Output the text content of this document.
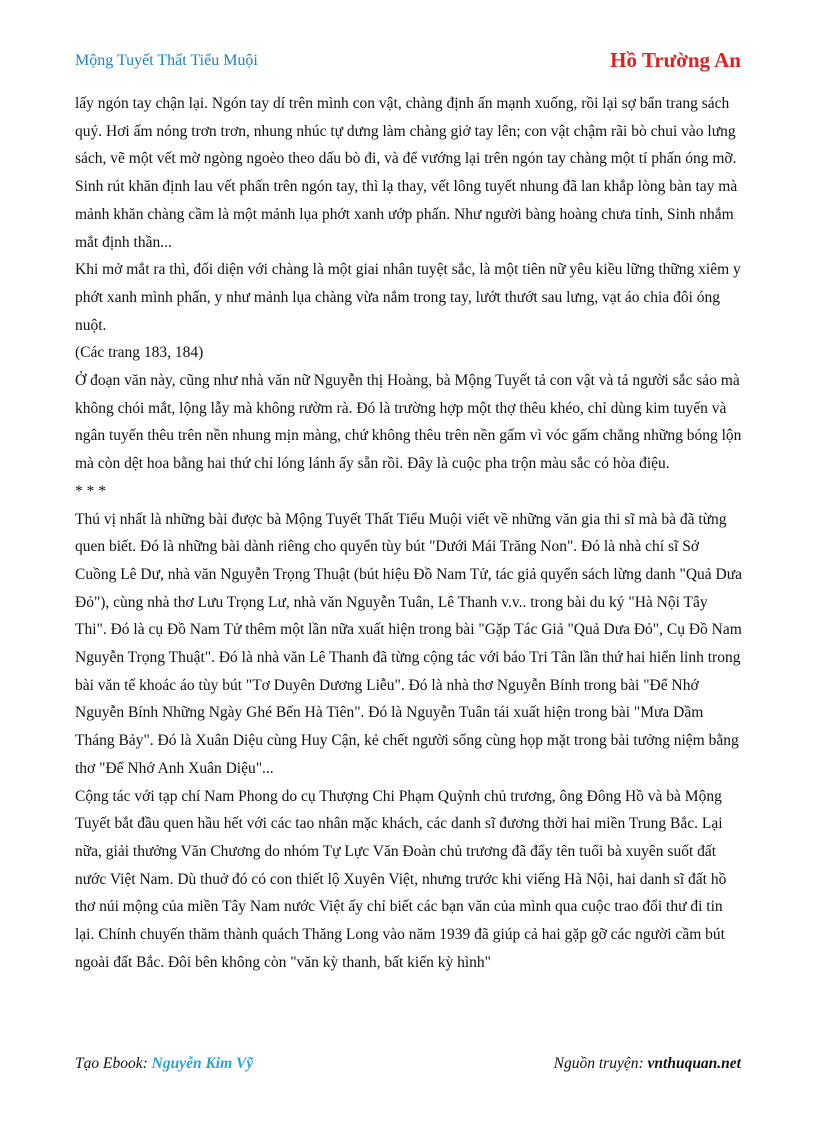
Mộng Tuyết Thất Tiểu Muội	Hồ Trường An

lấy ngón tay chận lại. Ngón tay dí trên mình con vật, chàng định ấn mạnh xuống, rồi lại sợ bẩn trang sách quý. Hơi ấm nóng trơn trơn, nhung nhúc tự dưng làm chàng giở tay lên; con vật chậm rãi bò chui vào lưng sách, vẽ một vết mờ ngòng ngoèo theo dấu bò đi, và để vướng lại trên ngón tay chàng một tí phấn óng mỡ.

Sinh rút khăn định lau vết phấn trên ngón tay, thì lạ thay, vết lông tuyết nhung đã lan khắp lòng bàn tay mà mảnh khăn chàng cầm là một mảnh lụa phớt xanh ướp phấn. Như người bàng hoàng chưa tỉnh, Sinh nhắm mắt định thần...

Khi mở mắt ra thì, đối diện với chàng là một giai nhân tuyệt sắc, là một tiên nữ yêu kiều lững thững xiêm y phớt xanh mình phấn, y như mảnh lụa chàng vừa nắm trong tay, lướt thướt sau lưng, vạt áo chia đôi óng nuột.

(Các trang 183, 184)

Ở đoạn văn này, cũng như nhà văn nữ Nguyễn thị Hoàng, bà Mộng Tuyết tả con vật và tả người sắc sảo mà không chói mắt, lộng lẫy mà không rườm rà. Đó là trường hợp một thợ thêu khéo, chỉ dùng kim tuyến và ngân tuyến thêu trên nền nhung mịn màng, chứ không thêu trên nền gấm vì vóc gấm chẳng những bóng lộn mà còn dệt hoa bằng hai thứ chỉ lóng lánh ấy sẵn rồi. Đây là cuộc pha trộn màu sắc có hòa điệu.

* * *

Thú vị nhất là những bài được bà Mộng Tuyết Thất Tiểu Muội viết về những văn gia thi sĩ mà bà đã từng quen biết. Đó là những bài dành riêng cho quyển tùy bút "Dưới Mái Trăng Non". Đó là nhà chí sĩ Sở Cuồng Lê Dư, nhà văn Nguyễn Trọng Thuật (bút hiệu Đồ Nam Tử, tác giả quyển sách lừng danh "Quả Dưa Đỏ"), cùng nhà thơ Lưu Trọng Lư, nhà văn Nguyễn Tuân, Lê Thanh v.v.. trong bài du ký "Hà Nội Tây Thi". Đó là cụ Đồ Nam Tử thêm một lần nữa xuất hiện trong bài "Gặp Tác Giả "Quả Dưa Đỏ", Cụ Đồ Nam Nguyễn Trọng Thuật". Đó là nhà văn Lê Thanh đã từng cộng tác với báo Tri Tân lần thứ hai hiển linh trong bài văn tế khoác áo tùy bút "Tơ Duyên Dương Liễu". Đó là nhà thơ Nguyễn Bính trong bài "Để Nhớ Nguyễn Bính Những Ngày Ghé Bến Hà Tiên". Đó là Nguyễn Tuân tái xuất hiện trong bài "Mưa Dầm Tháng Bảy". Đó là Xuân Diệu cùng Huy Cận, kẻ chết người sống cùng họp mặt trong bài tưởng niệm bằng thơ "Để Nhớ Anh Xuân Diệu"...

Cộng tác với tạp chí Nam Phong do cụ Thượng Chi Phạm Quỳnh chủ trương, ông Đông Hồ và bà Mộng Tuyết bắt đầu quen hầu hết với các tao nhân mặc khách, các danh sĩ đương thời hai miền Trung Bắc. Lại nữa, giải thưởng Văn Chương do nhóm Tự Lực Văn Đoàn chủ trương đã đẩy tên tuổi bà xuyên suốt đất nước Việt Nam. Dù thuở đó có con thiết lộ Xuyên Việt, nhưng trước khi viếng Hà Nội, hai danh sĩ đất hồ thơ núi mộng của miền Tây Nam nước Việt ấy chỉ biết các bạn văn của mình qua cuộc trao đổi thư đi tin lại. Chính chuyến thăm thành quách Thăng Long vào năm 1939 đã giúp cả hai gặp gỡ các người cầm bút ngoài đất Bắc. Đôi bên không còn "văn kỳ thanh, bất kiến kỳ hình"

Tạo Ebook: Nguyễn Kim Vỹ	Nguồn truyện: vnthuquan.net
